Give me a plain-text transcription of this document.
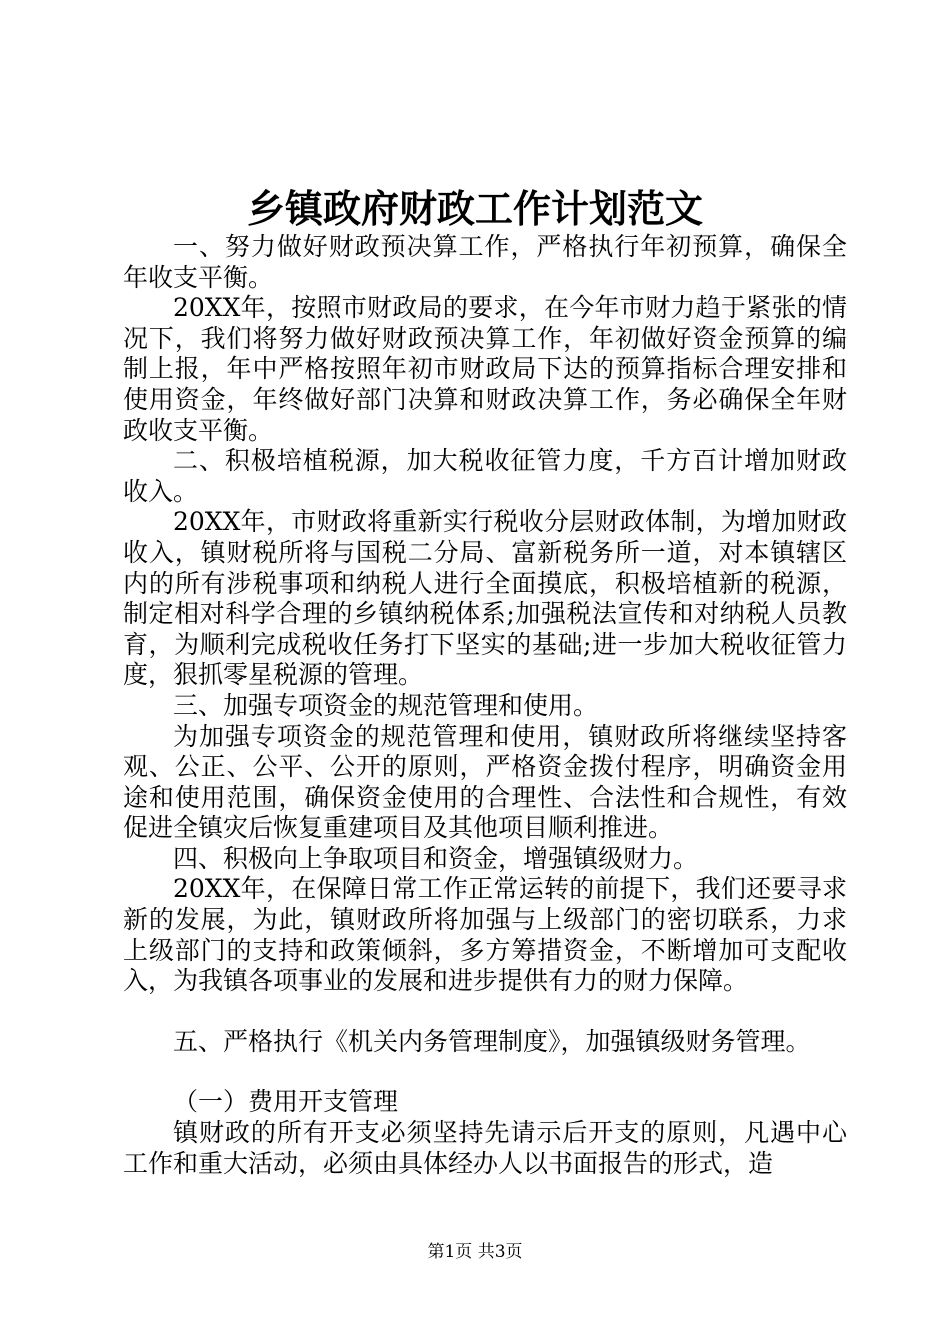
乡镇政府财政工作计划范文

一、努力做好财政预决算工作，严格执行年初预算，确保全年收支平衡。

20XX年，按照市财政局的要求，在今年市财力趋于紧张的情况下，我们将努力做好财政预决算工作，年初做好资金预算的编制上报，年中严格按照年初市财政局下达的预算指标合理安排和使用资金，年终做好部门决算和财政决算工作，务必确保全年财政收支平衡。

二、积极培植税源，加大税收征管力度，千方百计增加财政收入。

20XX年，市财政将重新实行税收分层财政体制，为增加财政收入，镇财税所将与国税二分局、富新税务所一道，对本镇辖区内的所有涉税事项和纳税人进行全面摸底，积极培植新的税源，制定相对科学合理的乡镇纳税体系;加强税法宣传和对纳税人员教育，为顺利完成税收任务打下坚实的基础;进一步加大税收征管力度，狠抓零星税源的管理。

三、加强专项资金的规范管理和使用。

为加强专项资金的规范管理和使用，镇财政所将继续坚持客观、公正、公平、公开的原则，严格资金拨付程序，明确资金用途和使用范围，确保资金使用的合理性、合法性和合规性，有效促进全镇灾后恢复重建项目及其他项目顺利推进。

四、积极向上争取项目和资金，增强镇级财力。

20XX年，在保障日常工作正常运转的前提下，我们还要寻求新的发展，为此，镇财政所将加强与上级部门的密切联系，力求上级部门的支持和政策倾斜，多方筹措资金，不断增加可支配收入，为我镇各项事业的发展和进步提供有力的财力保障。

五、严格执行《机关内务管理制度》，加强镇级财务管理。

（一）费用开支管理

镇财政的所有开支必须坚持先请示后开支的原则，凡遇中心工作和重大活动，必须由具体经办人以书面报告的形式，造

第1页 共3页
